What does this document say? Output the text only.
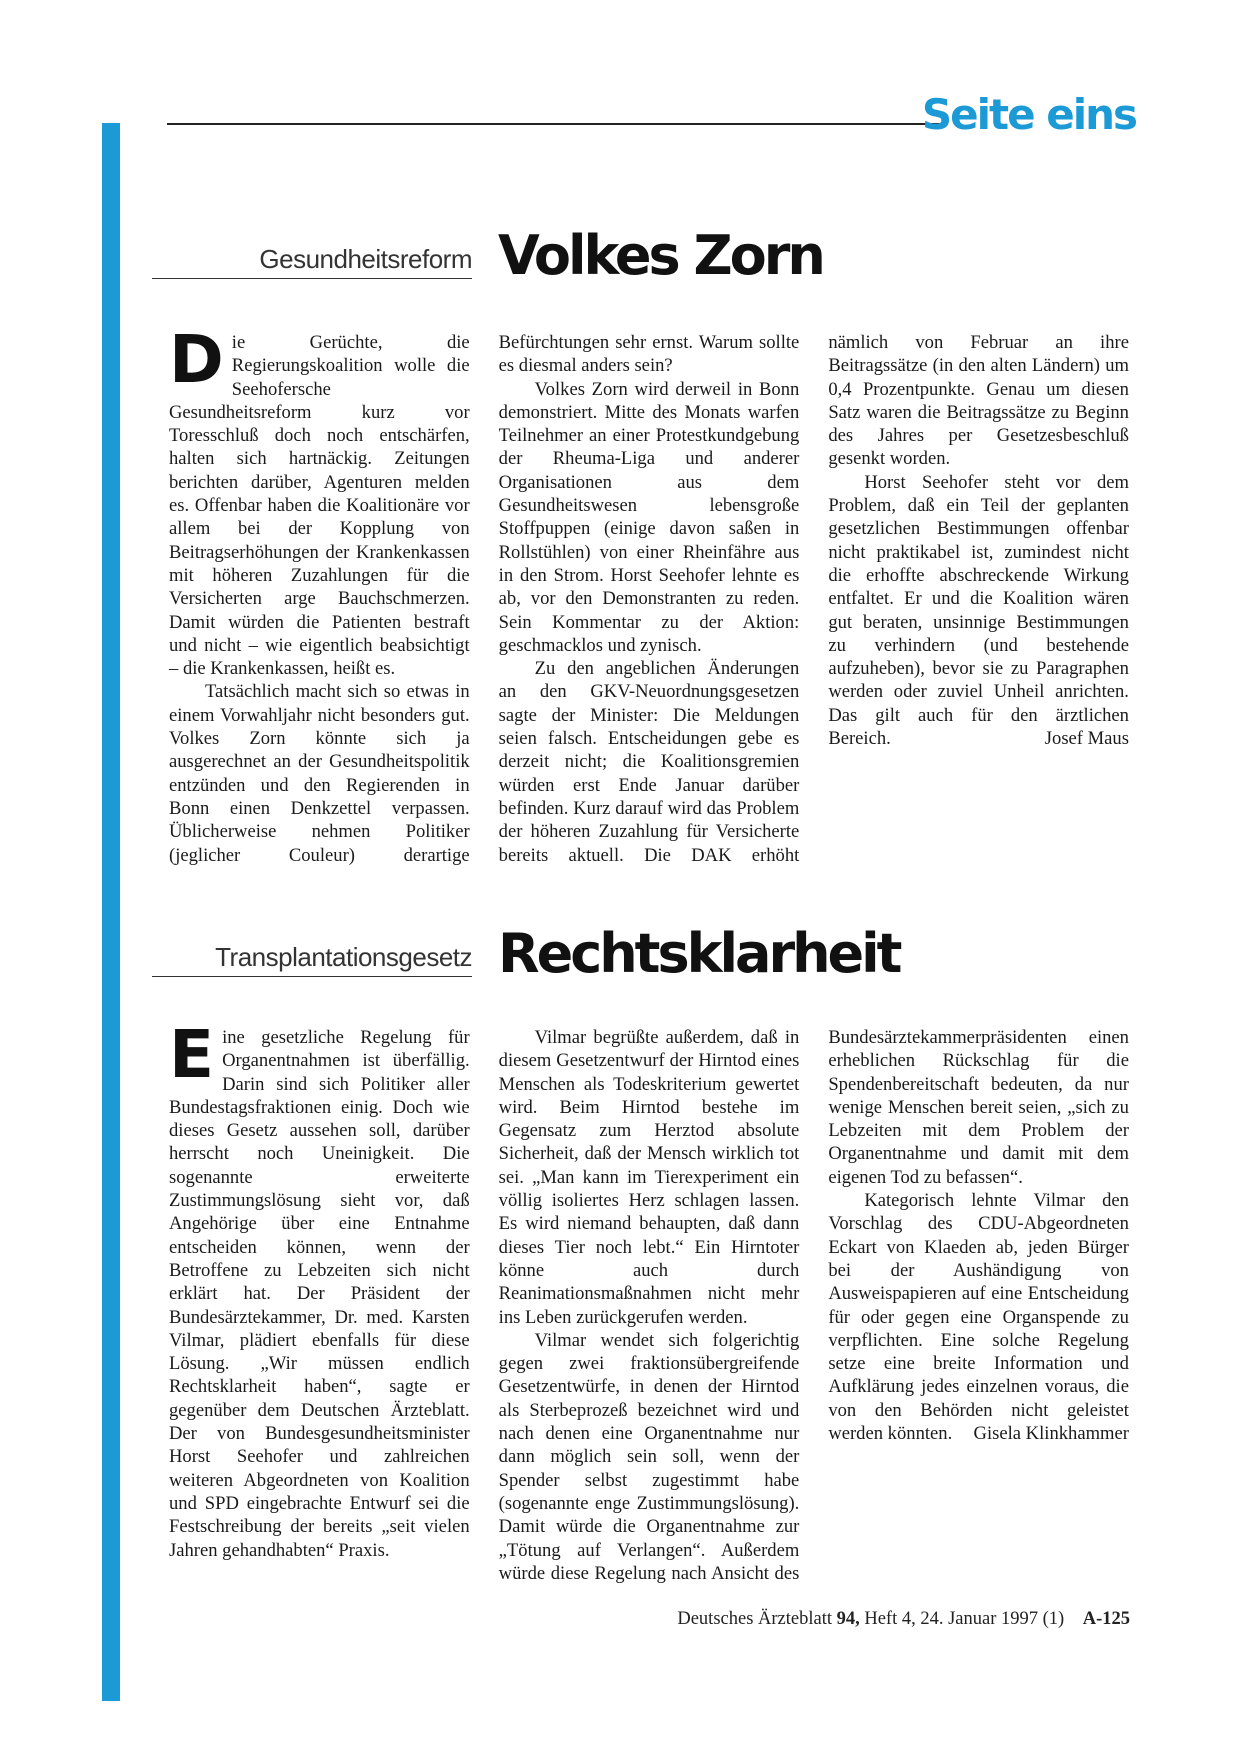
Seite eins
Gesundheitsreform Volkes Zorn

Die Gerüchte, die Regierungskoalition wolle die Seehofersche Gesundheitsreform kurz vor Toresschluß doch noch entschärfen, halten sich hartnäckig. Zeitungen berichten darüber, Agenturen melden es. Offenbar haben die Koalitionäre vor allem bei der Kopplung von Beitragserhöhungen der Krankenkassen mit höheren Zuzahlungen für die Versicherten arge Bauchschmerzen. Damit würden die Patienten bestraft und nicht – wie eigentlich beabsichtigt – die Krankenkassen, heißt es.

Tatsächlich macht sich so etwas in einem Vorwahljahr nicht besonders gut. Volkes Zorn könnte sich ja ausgerechnet an der Gesundheitspolitik entzünden und den Regierenden in Bonn einen Denkzettel verpassen. Üblicherweise nehmen Politiker (jeglicher Couleur) derartige Befürchtungen sehr ernst. Warum sollte es diesmal anders sein?

Volkes Zorn wird derweil in Bonn demonstriert. Mitte des Monats warfen Teilnehmer an einer Protestkundgebung der Rheuma-Liga und anderer Organisationen aus dem Gesundheitswesen lebensgroße Stoffpuppen (einige davon saßen in Rollstühlen) von einer Rheinfähre aus in den Strom. Horst Seehofer lehnte es ab, vor den Demonstranten zu reden. Sein Kommentar zu der Aktion: geschmacklos und zynisch.

Zu den angeblichen Änderungen an den GKV-Neuordnungsgesetzen sagte der Minister: Die Meldungen seien falsch. Entscheidungen gebe es derzeit nicht; die Koalitionsgremien würden erst Ende Januar darüber befinden. Kurz darauf wird das Problem der höheren Zuzahlung für Versicherte bereits aktuell. Die DAK erhöht nämlich von Februar an ihre Beitragssätze (in den alten Ländern) um 0,4 Prozentpunkte. Genau um diesen Satz waren die Beitragssätze zu Beginn des Jahres per Gesetzesbeschluß gesenkt worden.

Horst Seehofer steht vor dem Problem, daß ein Teil der geplanten gesetzlichen Bestimmungen offenbar nicht praktikabel ist, zumindest nicht die erhoffte abschreckende Wirkung entfaltet. Er und die Koalition wären gut beraten, unsinnige Bestimmungen zu verhindern (und bestehende aufzuheben), bevor sie zu Paragraphen werden oder zuviel Unheil anrichten. Das gilt auch für den ärztlichen Bereich.	Josef Maus

Transplantationsgesetz Rechtsklarheit

Eine gesetzliche Regelung für Organentnahmen ist überfällig. Darin sind sich Politiker aller Bundestagsfraktionen einig. Doch wie dieses Gesetz aussehen soll, darüber herrscht noch Uneinigkeit. Die sogenannte erweiterte Zustimmungslösung sieht vor, daß Angehörige über eine Entnahme entscheiden können, wenn der Betroffene zu Lebzeiten sich nicht erklärt hat. Der Präsident der Bundesärztekammer, Dr. med. Karsten Vilmar, plädiert ebenfalls für diese Lösung. „Wir müssen endlich Rechtsklarheit haben“, sagte er gegenüber dem Deutschen Ärzteblatt. Der von Bundesgesundheitsminister Horst Seehofer und zahlreichen weiteren Abgeordneten von Koalition und SPD eingebrachte Entwurf sei die Festschreibung der bereits „seit vielen Jahren gehandhabten“ Praxis.

Vilmar begrüßte außerdem, daß in diesem Gesetzentwurf der Hirntod eines Menschen als Todeskriterium gewertet wird. Beim Hirntod bestehe im Gegensatz zum Herztod absolute Sicherheit, daß der Mensch wirklich tot sei. „Man kann im Tierexperiment ein völlig isoliertes Herz schlagen lassen. Es wird niemand behaupten, daß dann dieses Tier noch lebt.“ Ein Hirntoter könne auch durch Reanimationsmaßnahmen nicht mehr ins Leben zurückgerufen werden.

Vilmar wendet sich folgerichtig gegen zwei fraktionsübergreifende Gesetzentwürfe, in denen der Hirntod als Sterbeprozeß bezeichnet wird und nach denen eine Organentnahme nur dann möglich sein soll, wenn der Spender selbst zugestimmt habe (sogenannte enge Zustimmungslösung). Damit würde die Organentnahme zur „Tötung auf Verlangen“. Außerdem würde diese Regelung nach Ansicht des Bundesärztekammerpräsidenten einen erheblichen Rückschlag für die Spendenbereitschaft bedeuten, da nur wenige Menschen bereit seien, „sich zu Lebzeiten mit dem Problem der Organentnahme und damit mit dem eigenen Tod zu befassen“.

Kategorisch lehnte Vilmar den Vorschlag des CDU-Abgeordneten Eckart von Klaeden ab, jeden Bürger bei der Aushändigung von Ausweispapieren auf eine Entscheidung für oder gegen eine Organspende zu verpflichten. Eine solche Regelung setze eine breite Information und Aufklärung jedes einzelnen voraus, die von den Behörden nicht geleistet werden könnten. Gisela Klinkhammer

Deutsches Ärzteblatt 94, Heft 4, 24. Januar 1997 (1) A-125
